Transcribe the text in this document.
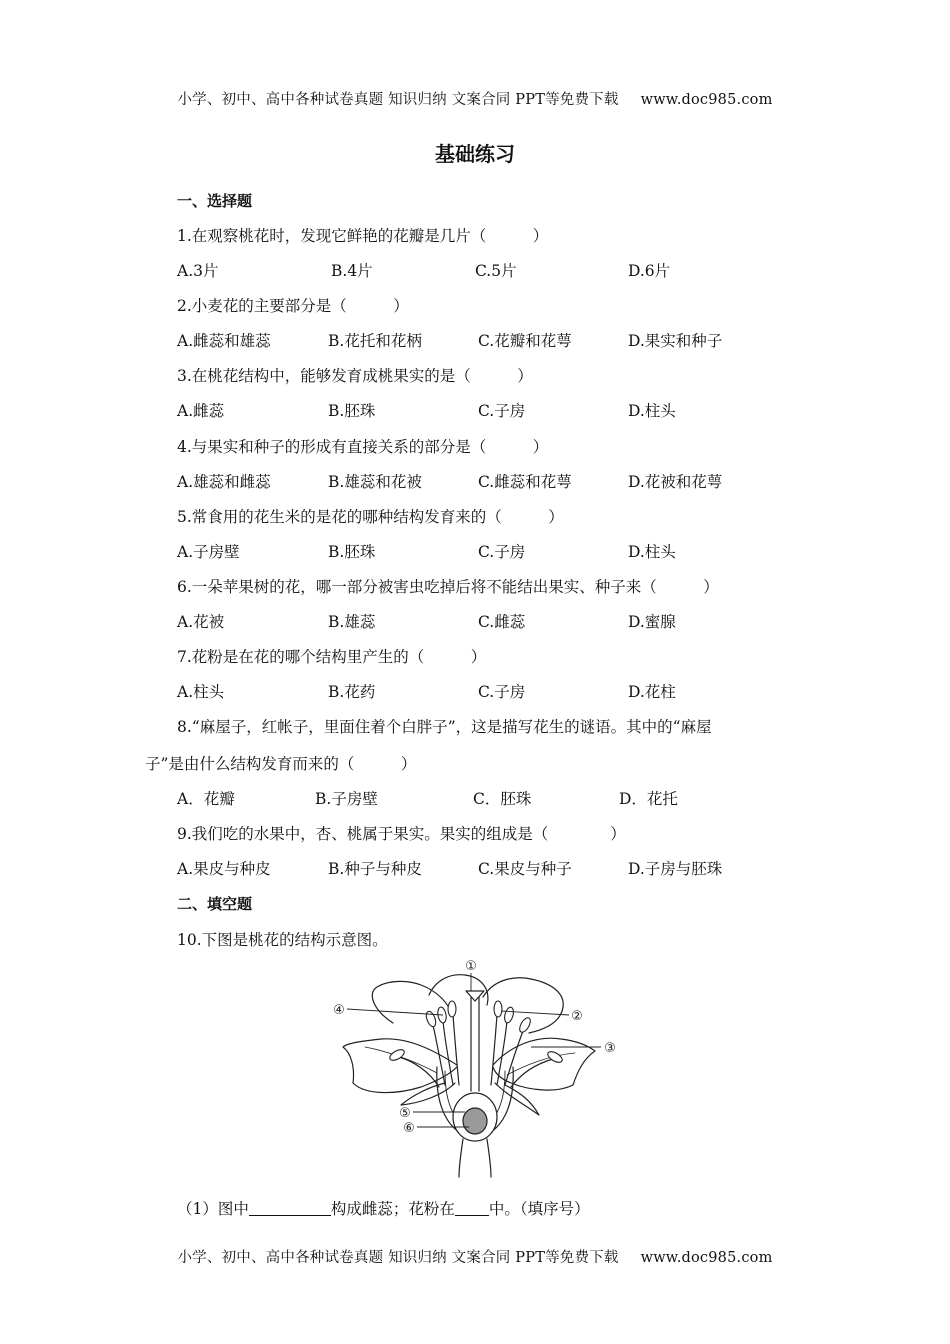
小学、初中、高中各种试卷真题 知识归纳 文案合同 PPT等免费下载 www.doc985.com
基础练习
一、选择题
1.在观察桃花时，发现它鲜艳的花瓣是几片（　　　）
A.3片	B.4片	C.5片	D.6片
2.小麦花的主要部分是（　　　）
A.雌蕊和雄蕊	B.花托和花柄	C.花瓣和花萼	D.果实和种子
3.在桃花结构中，能够发育成桃果实的是（　　　）
A.雌蕊	B.胚珠	C.子房	D.柱头
4.与果实和种子的形成有直接关系的部分是（　　　）
A.雄蕊和雌蕊	B.雄蕊和花被	C.雌蕊和花萼	D.花被和花萼
5.常食用的花生米的是花的哪种结构发育来的（　　　）
A.子房壁	B.胚珠	C.子房	D.柱头
6.一朵苹果树的花，哪一部分被害虫吃掉后将不能结出果实、种子来（　　　）
A.花被	B.雄蕊	C.雌蕊	D.蜜腺
7.花粉是在花的哪个结构里产生的（　　　）
A.柱头	B.花药	C.子房	D.花柱
8.“麻屋子，红帐子，里面住着个白胖子”，这是描写花生的谜语。其中的“麻屋
子”是由什么结构发育而来的（　　　）
A．花瓣	B.子房壁	C．胚珠	D．花托
9.我们吃的水果中，杏、桃属于果实。果实的组成是（　　　　）
A.果皮与种皮	B.种子与种皮	C.果皮与种子	D.子房与胚珠
二、填空题
10.下图是桃花的结构示意图。
①
②
③
④
⑤
⑥
（1）图中	构成雌蕊；花粉在 中。（填序号）
小学、初中、高中各种试卷真题 知识归纳 文案合同 PPT等免费下载 www.doc985.com
